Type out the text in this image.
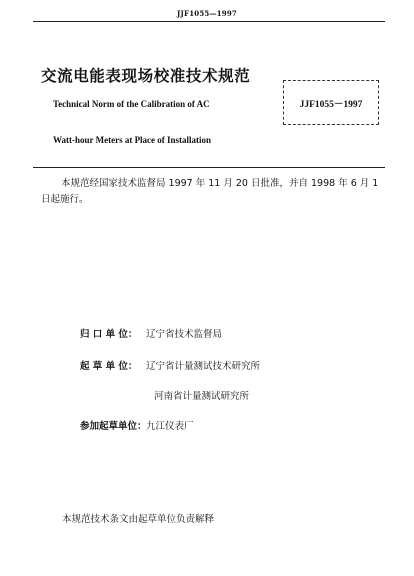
JJF1055—1997
交流电能表现场校准技术规范
Technical Norm of the Calibration of AC
Watt-hour Meters at Place of Installation
JJF1055－1997
本规范经国家技术监督局 1997 年 11 月 20 日批准，并自 1998 年 6 月 1 日起施行。
归 口 单 位： 辽宁省技术监督局
起 草 单 位： 辽宁省计量测试技术研究所
河南省计量测试研究所
参加起草单位： 九江仪表厂
本规范技术条文由起草单位负责解释
